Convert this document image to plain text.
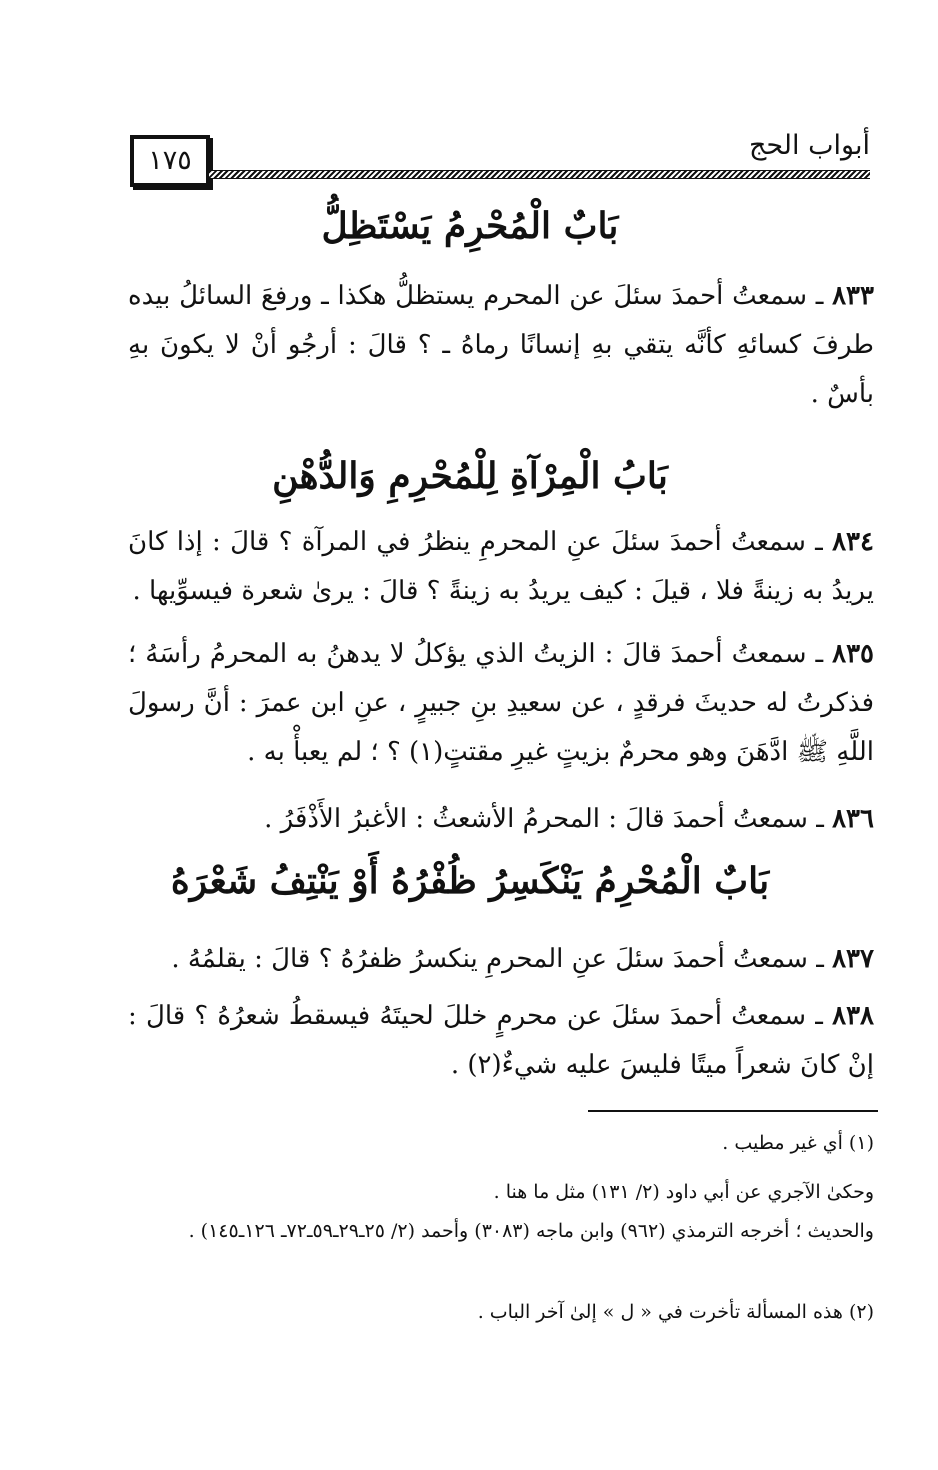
١٧٥	أبواب الحج
بَابٌ الْمُحْرِمُ يَسْتَظِلُّ

٨٣٣ ـ سمعتُ أحمدَ سئلَ عن المحرم يستظلُّ هكذا ـ ورفعَ السائلُ بيده طرفَ كسائهِ كأنَّه يتقي بهِ إنسانًا رماهُ ـ ؟ قالَ : أرجُو أنْ لا يكونَ بهِ بأسٌ .

بَابُ الْمِرْآةِ لِلْمُحْرِمِ وَالدُّهْنِ

٨٣٤ ـ سمعتُ أحمدَ سئلَ عنِ المحرمِ ينظرُ في المرآة ؟ قالَ : إذا كانَ يريدُ به زينةً فلا ، قيلَ : كيف يريدُ به زينةً ؟ قالَ : يرىٰ شعرة فيسوِّيها .

٨٣٥ ـ سمعتُ أحمدَ قالَ : الزيتُ الذي يؤكلُ لا يدهنُ به المحرمُ رأسَهُ ؛ فذكرتُ له حديثَ فرقدٍ ، عن سعيدِ بنِ جبيرٍ ، عنِ ابن عمرَ : أنَّ رسولَ اللَّهِ ﷺ ادَّهَنَ وهو محرمٌ بزيتٍ غيرِ مقتتٍ(١) ؟ ؛ لم يعبأْ به .

٨٣٦ ـ سمعتُ أحمدَ قالَ : المحرمُ الأشعثُ : الأغبرُ الأَذْفَرُ .

بَابٌ الْمُحْرِمُ يَنْكَسِرُ ظُفْرُهُ أَوْ يَنْتِفُ شَعْرَهُ

٨٣٧ ـ سمعتُ أحمدَ سئلَ عنِ المحرمِ ينكسرُ ظفرُهُ ؟ قالَ : يقلمُهُ .

٨٣٨ ـ سمعتُ أحمدَ سئلَ عن محرمٍ خللَ لحيتَهُ فيسقطُ شعرُهُ ؟ قالَ : إنْ كانَ شعراً ميتًا فليسَ عليه شيءٌ(٢) .

(١) أي غير مطيب .

وحكىٰ الآجري عن أبي داود (٢/ ١٣١) مثل ما هنا .

والحديث ؛ أخرجه الترمذي (٩٦٢) وابن ماجه (٣٠٨٣) وأحمد (٢/ ٢٥ـ٢٩ـ٥٩ـ٧٢ـ ١٢٦ـ١٤٥) .

(٢) هذه المسألة تأخرت في « ل » إلىٰ آخر الباب .
